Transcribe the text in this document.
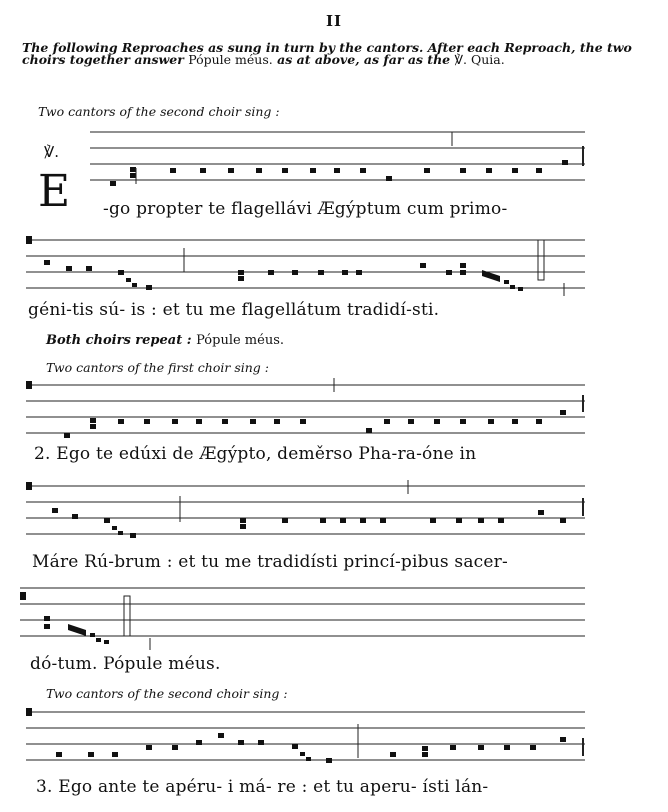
II
The following Reproaches as sung in turn by the cantors. After each Reproach, the two choirs together answer Pópule méus. as at above, as far as the ℣. Quia.
Two cantors of the second choir sing :
℣.
E -go propter te flagellávi Ægýptum cum primo-
géni-tis sú- is : et tu me flagellátum tradidí-sti.
Both choirs repeat : Pópule méus.
Two cantors of the first choir sing :
2. Ego te edúxi de Ægýpto, deměrso Pha-ra-óne in
Máre Rú-brum : et tu me tradidísti princí-pibus sacer-
dó-tum. Pópule méus.
Two cantors of the second choir sing :
3. Ego ante te apéru- i má- re : et tu aperu- ísti lán-
